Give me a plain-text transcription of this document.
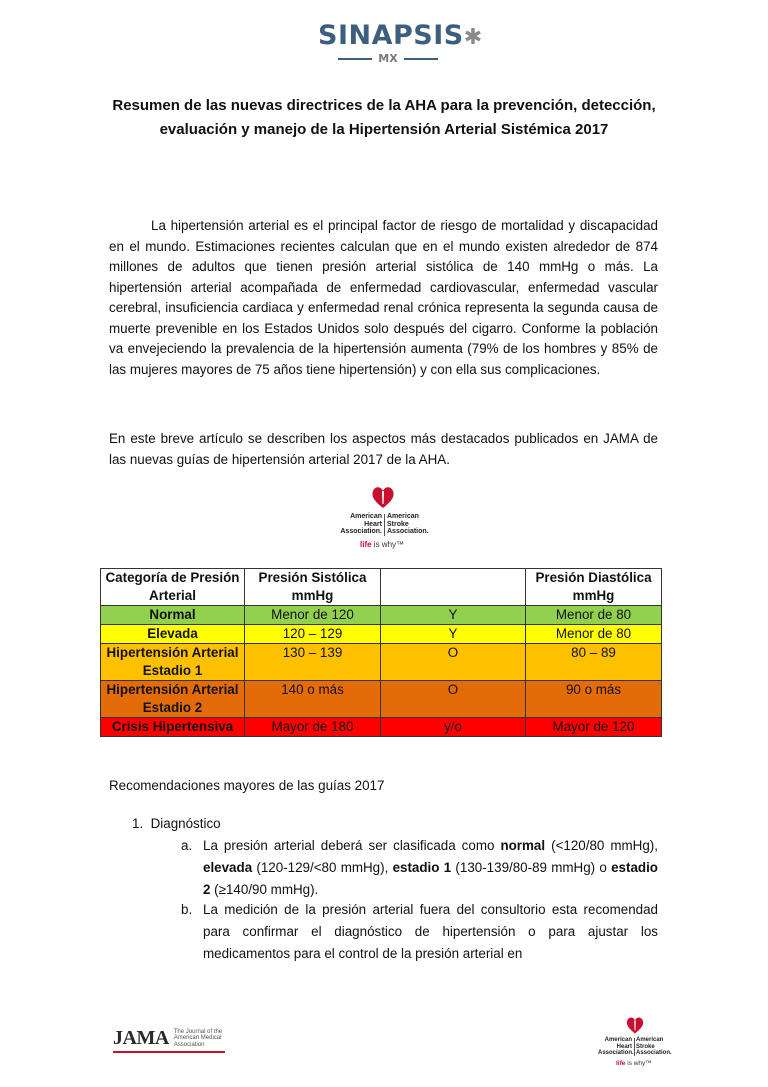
SINAPSIS✱
MX
Resumen de las nuevas directrices de la AHA para la prevención, detección, evaluación y manejo de la Hipertensión Arterial Sistémica 2017
La hipertensión arterial es el principal factor de riesgo de mortalidad y discapacidad en el mundo. Estimaciones recientes calculan que en el mundo existen alrededor de 874 millones de adultos que tienen presión arterial sistólica de 140 mmHg o más. La hipertensión arterial acompañada de enfermedad cardiovascular, enfermedad vascular cerebral, insuficiencia cardiaca y enfermedad renal crónica representa la segunda causa de muerte prevenible en los Estados Unidos solo después del cigarro. Conforme la población va envejeciendo la prevalencia de la hipertensión aumenta (79% de los hombres y 85% de las mujeres mayores de 75 años tiene hipertensión) y con ella sus complicaciones.
En este breve artículo se describen los aspectos más destacados publicados en JAMA de las nuevas guías de hipertensión arterial 2017 de la AHA.
American
Heart
Association.
American
Stroke
Association.
life is why™
Categoría de Presión Arterial	Presión Sistólica mmHg		Presión Diastólica mmHg
Normal	Menor de 120	Y	Menor de 80
Elevada	120 – 129	Y	Menor de 80
Hipertensión Arterial Estadio 1	130 – 139	O	80 – 89
Hipertensión Arterial Estadio 2	140 o más	O	90 o más
Crisis Hipertensiva	Mayor de 180	y/o	Mayor de 120
Recomendaciones mayores de las guías 2017
1. Diagnóstico
a. La presión arterial deberá ser clasificada como normal (<120/80 mmHg), elevada (120-129/<80 mmHg), estadio 1 (130-139/80-89 mmHg) o estadio 2 (≥140/90 mmHg).
b. La medición de la presión arterial fuera del consultorio esta recomendad para confirmar el diagnóstico de hipertensión o para ajustar los medicamentos para el control de la presión arterial en
JAMA The Journal of the American Medical Association
American
Heart
Association.
American
Stroke
Association.
life is why™
